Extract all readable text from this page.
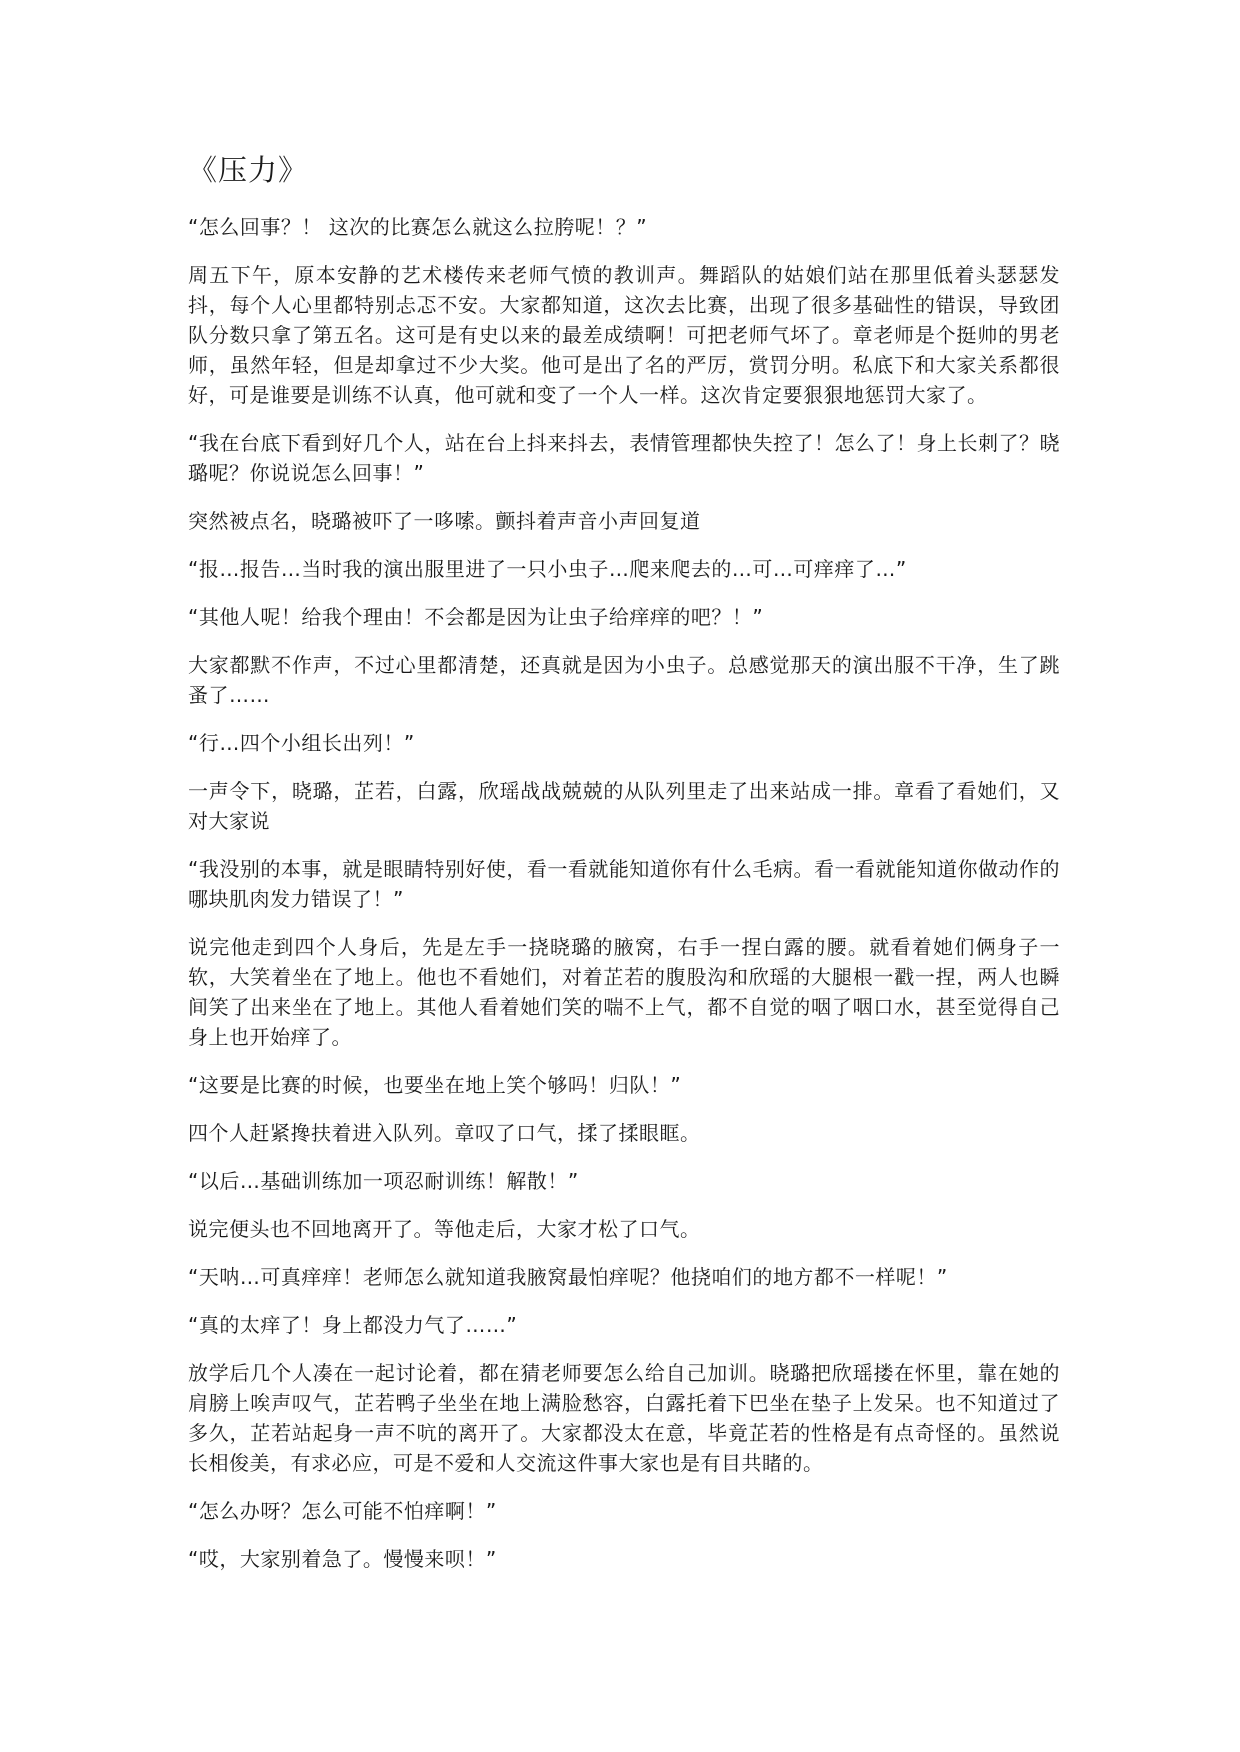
《压力》

“怎么回事？！ 这次的比赛怎么就这么拉胯呢！？”

周五下午，原本安静的艺术楼传来老师气愤的教训声。舞蹈队的姑娘们站在那里低着头瑟瑟发抖，每个人心里都特别忐忑不安。大家都知道，这次去比赛，出现了很多基础性的错误，导致团队分数只拿了第五名。这可是有史以来的最差成绩啊！可把老师气坏了。章老师是个挺帅的男老师，虽然年轻，但是却拿过不少大奖。他可是出了名的严厉，赏罚分明。私底下和大家关系都很好，可是谁要是训练不认真，他可就和变了一个人一样。这次肯定要狠狠地惩罚大家了。

“我在台底下看到好几个人，站在台上抖来抖去，表情管理都快失控了！怎么了！身上长刺了？晓璐呢？你说说怎么回事！”

突然被点名，晓璐被吓了一哆嗦。颤抖着声音小声回复道

“报…报告…当时我的演出服里进了一只小虫子…爬来爬去的…可…可痒痒了…”

“其他人呢！给我个理由！不会都是因为让虫子给痒痒的吧？！”

大家都默不作声，不过心里都清楚，还真就是因为小虫子。总感觉那天的演出服不干净，生了跳蚤了……

“行…四个小组长出列！”

一声令下，晓璐，芷若，白露，欣瑶战战兢兢的从队列里走了出来站成一排。章看了看她们，又对大家说

“我没别的本事，就是眼睛特别好使，看一看就能知道你有什么毛病。看一看就能知道你做动作的哪块肌肉发力错误了！”

说完他走到四个人身后，先是左手一挠晓璐的腋窝，右手一捏白露的腰。就看着她们俩身子一软，大笑着坐在了地上。他也不看她们，对着芷若的腹股沟和欣瑶的大腿根一戳一捏，两人也瞬间笑了出来坐在了地上。其他人看着她们笑的喘不上气，都不自觉的咽了咽口水，甚至觉得自己身上也开始痒了。

“这要是比赛的时候，也要坐在地上笑个够吗！归队！”

四个人赶紧搀扶着进入队列。章叹了口气，揉了揉眼眶。

“以后…基础训练加一项忍耐训练！解散！”

说完便头也不回地离开了。等他走后，大家才松了口气。

“天呐…可真痒痒！老师怎么就知道我腋窝最怕痒呢？他挠咱们的地方都不一样呢！”

“真的太痒了！身上都没力气了……”

放学后几个人凑在一起讨论着，都在猜老师要怎么给自己加训。晓璐把欣瑶搂在怀里，靠在她的肩膀上唉声叹气，芷若鸭子坐坐在地上满脸愁容，白露托着下巴坐在垫子上发呆。也不知道过了多久，芷若站起身一声不吭的离开了。大家都没太在意，毕竟芷若的性格是有点奇怪的。虽然说长相俊美，有求必应，可是不爱和人交流这件事大家也是有目共睹的。

“怎么办呀？怎么可能不怕痒啊！”

“哎，大家别着急了。慢慢来呗！”
